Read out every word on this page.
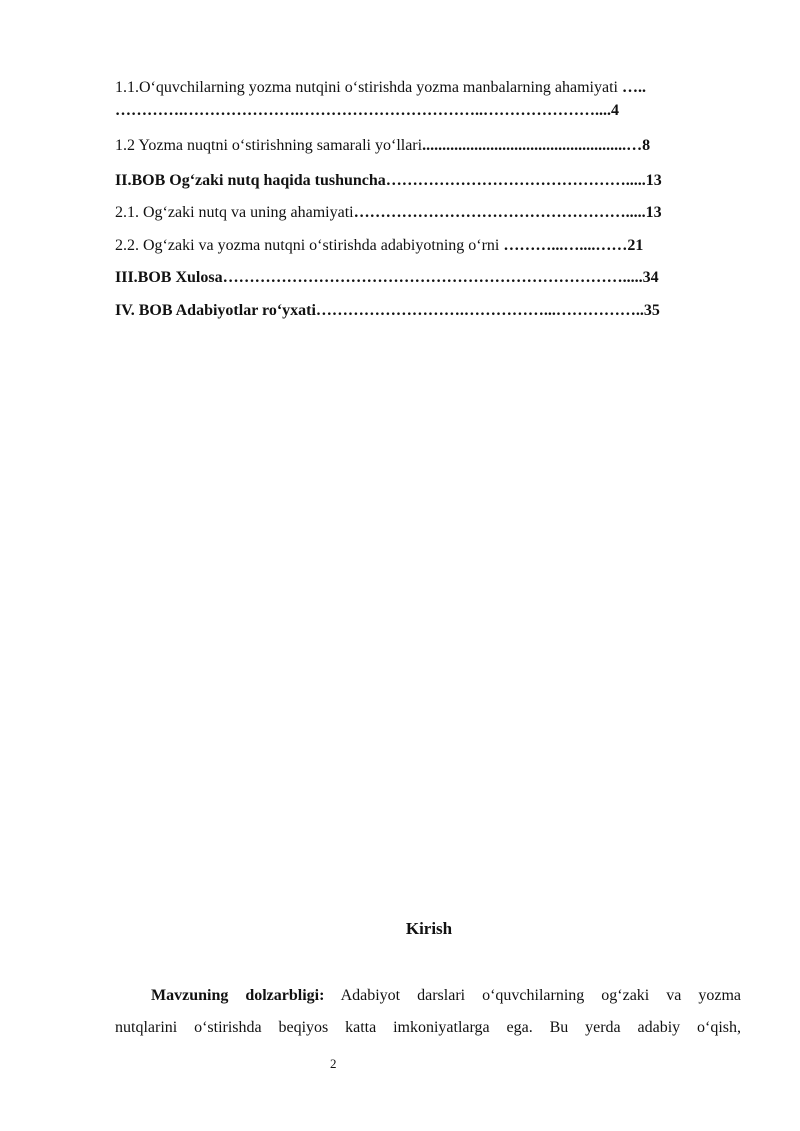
1.1.O‘quvchilarning yozma nutqini o‘stirishda yozma manbalarning ahamiyati …..
………….………………….……………………………..…………………....4
1.2 Yozma nuqtni o‘stirishning samarali yo‘llari...................................................…8
II.BOB Og‘zaki nutq haqida tushuncha……………………………………….....13
2.1. Og‘zaki nutq va uning ahamiyati…………………………………………….....13
2.2. Og‘zaki va yozma nutqni o‘stirishda adabiyotning o‘rni ………...…....……21
III.BOB Xulosa………………………………………………………………….....34
IV. BOB Adabiyotlar ro‘yxati……………………….……………...……………..35
Kirish
Mavzuning dolzarbligi: Adabiyot darslari o‘quvchilarning og‘zaki va yozma
nutqlarini o‘stirishda beqiyos katta imkoniyatlarga ega. Bu yerda adabiy o‘qish,
2
